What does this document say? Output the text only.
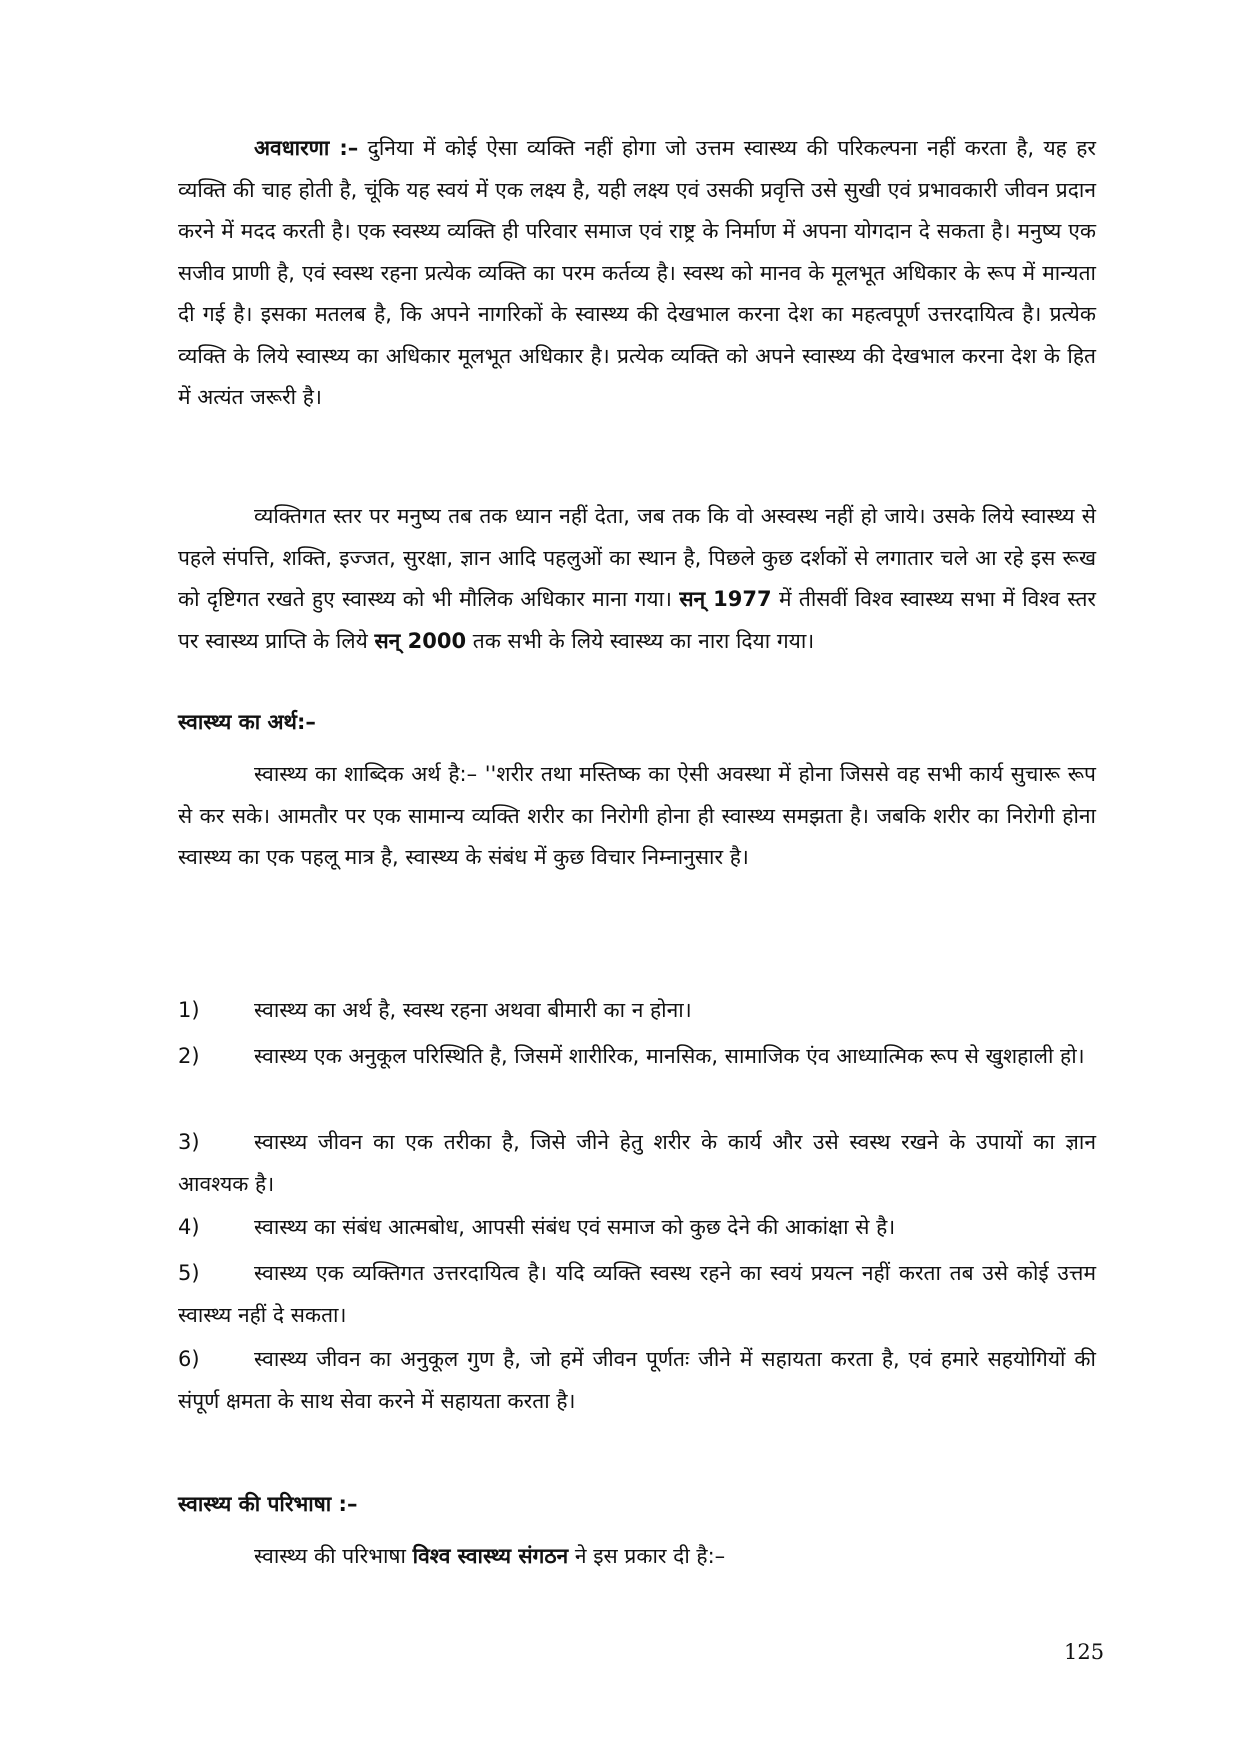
अवधारणा :– दुनिया में कोई ऐसा व्यक्ति नहीं होगा जो उत्तम स्वास्थ्य की परिकल्पना नहीं करता है, यह हर व्यक्ति की चाह होती है, चूंकि यह स्वयं में एक लक्ष्य है, यही लक्ष्य एवं उसकी प्रवृत्ति उसे सुखी एवं प्रभावकारी जीवन प्रदान करने में मदद करती है। एक स्वस्थ्य व्यक्ति ही परिवार समाज एवं राष्ट्र के निर्माण में अपना योगदान दे सकता है। मनुष्य एक सजीव प्राणी है, एवं स्वस्थ रहना प्रत्येक व्यक्ति का परम कर्तव्य है। स्वस्थ को मानव के मूलभूत अधिकार के रूप में मान्यता दी गई है। इसका मतलब है, कि अपने नागरिकों के स्वास्थ्य की देखभाल करना देश का महत्वपूर्ण उत्तरदायित्व है। प्रत्येक व्यक्ति के लिये स्वास्थ्य का अधिकार मूलभूत अधिकार है। प्रत्येक व्यक्ति को अपने स्वास्थ्य की देखभाल करना देश के हित में अत्यंत जरूरी है।
व्यक्तिगत स्तर पर मनुष्य तब तक ध्यान नहीं देता, जब तक कि वो अस्वस्थ नहीं हो जाये। उसके लिये स्वास्थ्य से पहले संपत्ति, शक्ति, इज्जत, सुरक्षा, ज्ञान आदि पहलुओं का स्थान है, पिछले कुछ दर्शकों से लगातार चले आ रहे इस रूख को दृष्टिगत रखते हुए स्वास्थ्य को भी मौलिक अधिकार माना गया। सन् 1977 में तीसवीं विश्व स्वास्थ्य सभा में विश्व स्तर पर स्वास्थ्य प्राप्ति के लिये सन् 2000 तक सभी के लिये स्वास्थ्य का नारा दिया गया।
स्वास्थ्य का अर्थ:–
स्वास्थ्य का शाब्दिक अर्थ है:– ''शरीर तथा मस्तिष्क का ऐसी अवस्था में होना जिससे वह सभी कार्य सुचारू रूप से कर सके। आमतौर पर एक सामान्य व्यक्ति शरीर का निरोगी होना ही स्वास्थ्य समझता है। जबकि शरीर का निरोगी होना स्वास्थ्य का एक पहलू मात्र है, स्वास्थ्य के संबंध में कुछ विचार निम्नानुसार है।
1)	स्वास्थ्य का अर्थ है, स्वस्थ रहना अथवा बीमारी का न होना।
2)	स्वास्थ्य एक अनुकूल परिस्थिति है, जिसमें शारीरिक, मानसिक, सामाजिक एंव आध्यात्मिक रूप से खुशहाली हो।
3)	स्वास्थ्य जीवन का एक तरीका है, जिसे जीने हेतु शरीर के कार्य और उसे स्वस्थ रखने के उपायों का ज्ञान आवश्यक है।
4)	स्वास्थ्य का संबंध आत्मबोध, आपसी संबंध एवं समाज को कुछ देने की आकांक्षा से है।
5)	स्वास्थ्य एक व्यक्तिगत उत्तरदायित्व है। यदि व्यक्ति स्वस्थ रहने का स्वयं प्रयत्न नहीं करता तब उसे कोई उत्तम स्वास्थ्य नहीं दे सकता।
6)	स्वास्थ्य जीवन का अनुकूल गुण है, जो हमें जीवन पूर्णतः जीने में सहायता करता है, एवं हमारे सहयोगियों की संपूर्ण क्षमता के साथ सेवा करने में सहायता करता है।
स्वास्थ्य की परिभाषा :–
स्वास्थ्य की परिभाषा विश्व स्वास्थ्य संगठन ने इस प्रकार दी है:–
125
